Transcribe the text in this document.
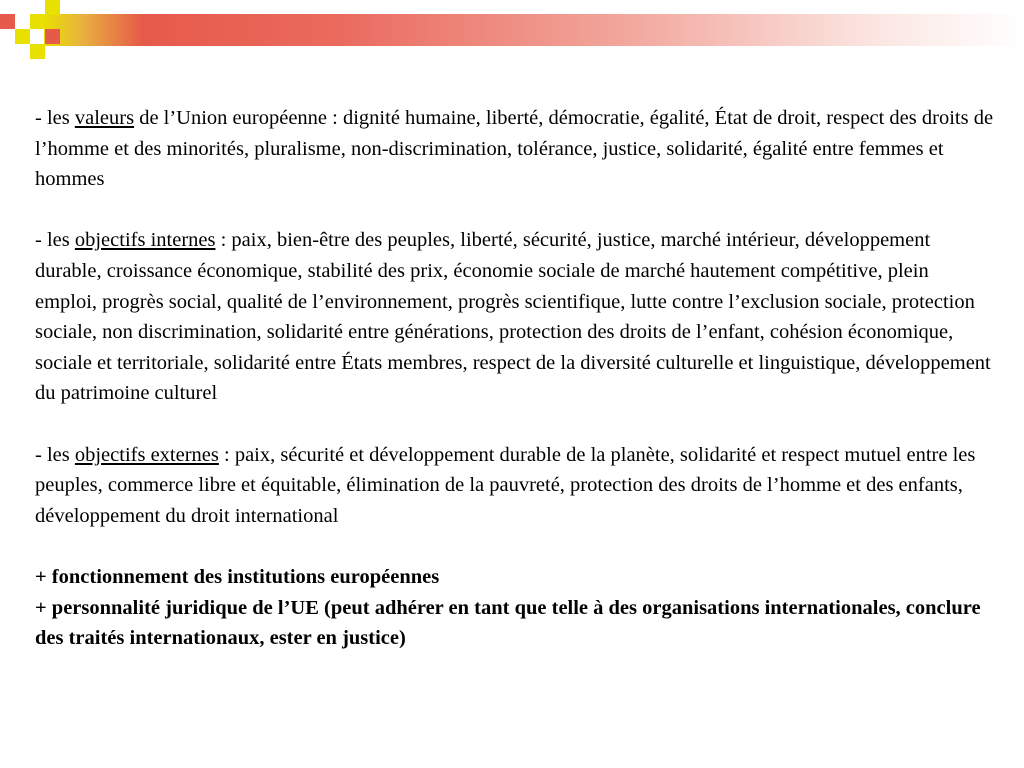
- les valeurs de l’Union européenne : dignité humaine, liberté, démocratie, égalité, État de droit, respect des droits de l’homme et des minorités, pluralisme, non-discrimination, tolérance, justice, solidarité, égalité entre femmes et hommes

- les objectifs internes : paix, bien-être des peuples, liberté, sécurité, justice, marché intérieur, développement durable, croissance économique, stabilité des prix, économie sociale de marché hautement compétitive, plein emploi, progrès social, qualité de l’environnement, progrès scientifique, lutte contre l’exclusion sociale, protection sociale, non discrimination, solidarité entre générations, protection des droits de l’enfant, cohésion économique, sociale et territoriale, solidarité entre États membres, respect de la diversité culturelle et linguistique, développement du patrimoine culturel

- les objectifs externes : paix, sécurité et développement durable de la planète, solidarité et respect mutuel entre les peuples, commerce libre et équitable, élimination de la pauvreté, protection des droits de l’homme et des enfants, développement du droit international

+ fonctionnement des institutions européennes
+ personnalité juridique de l’UE (peut adhérer en tant que telle à des organisations internationales, conclure des traités internationaux, ester en justice)
